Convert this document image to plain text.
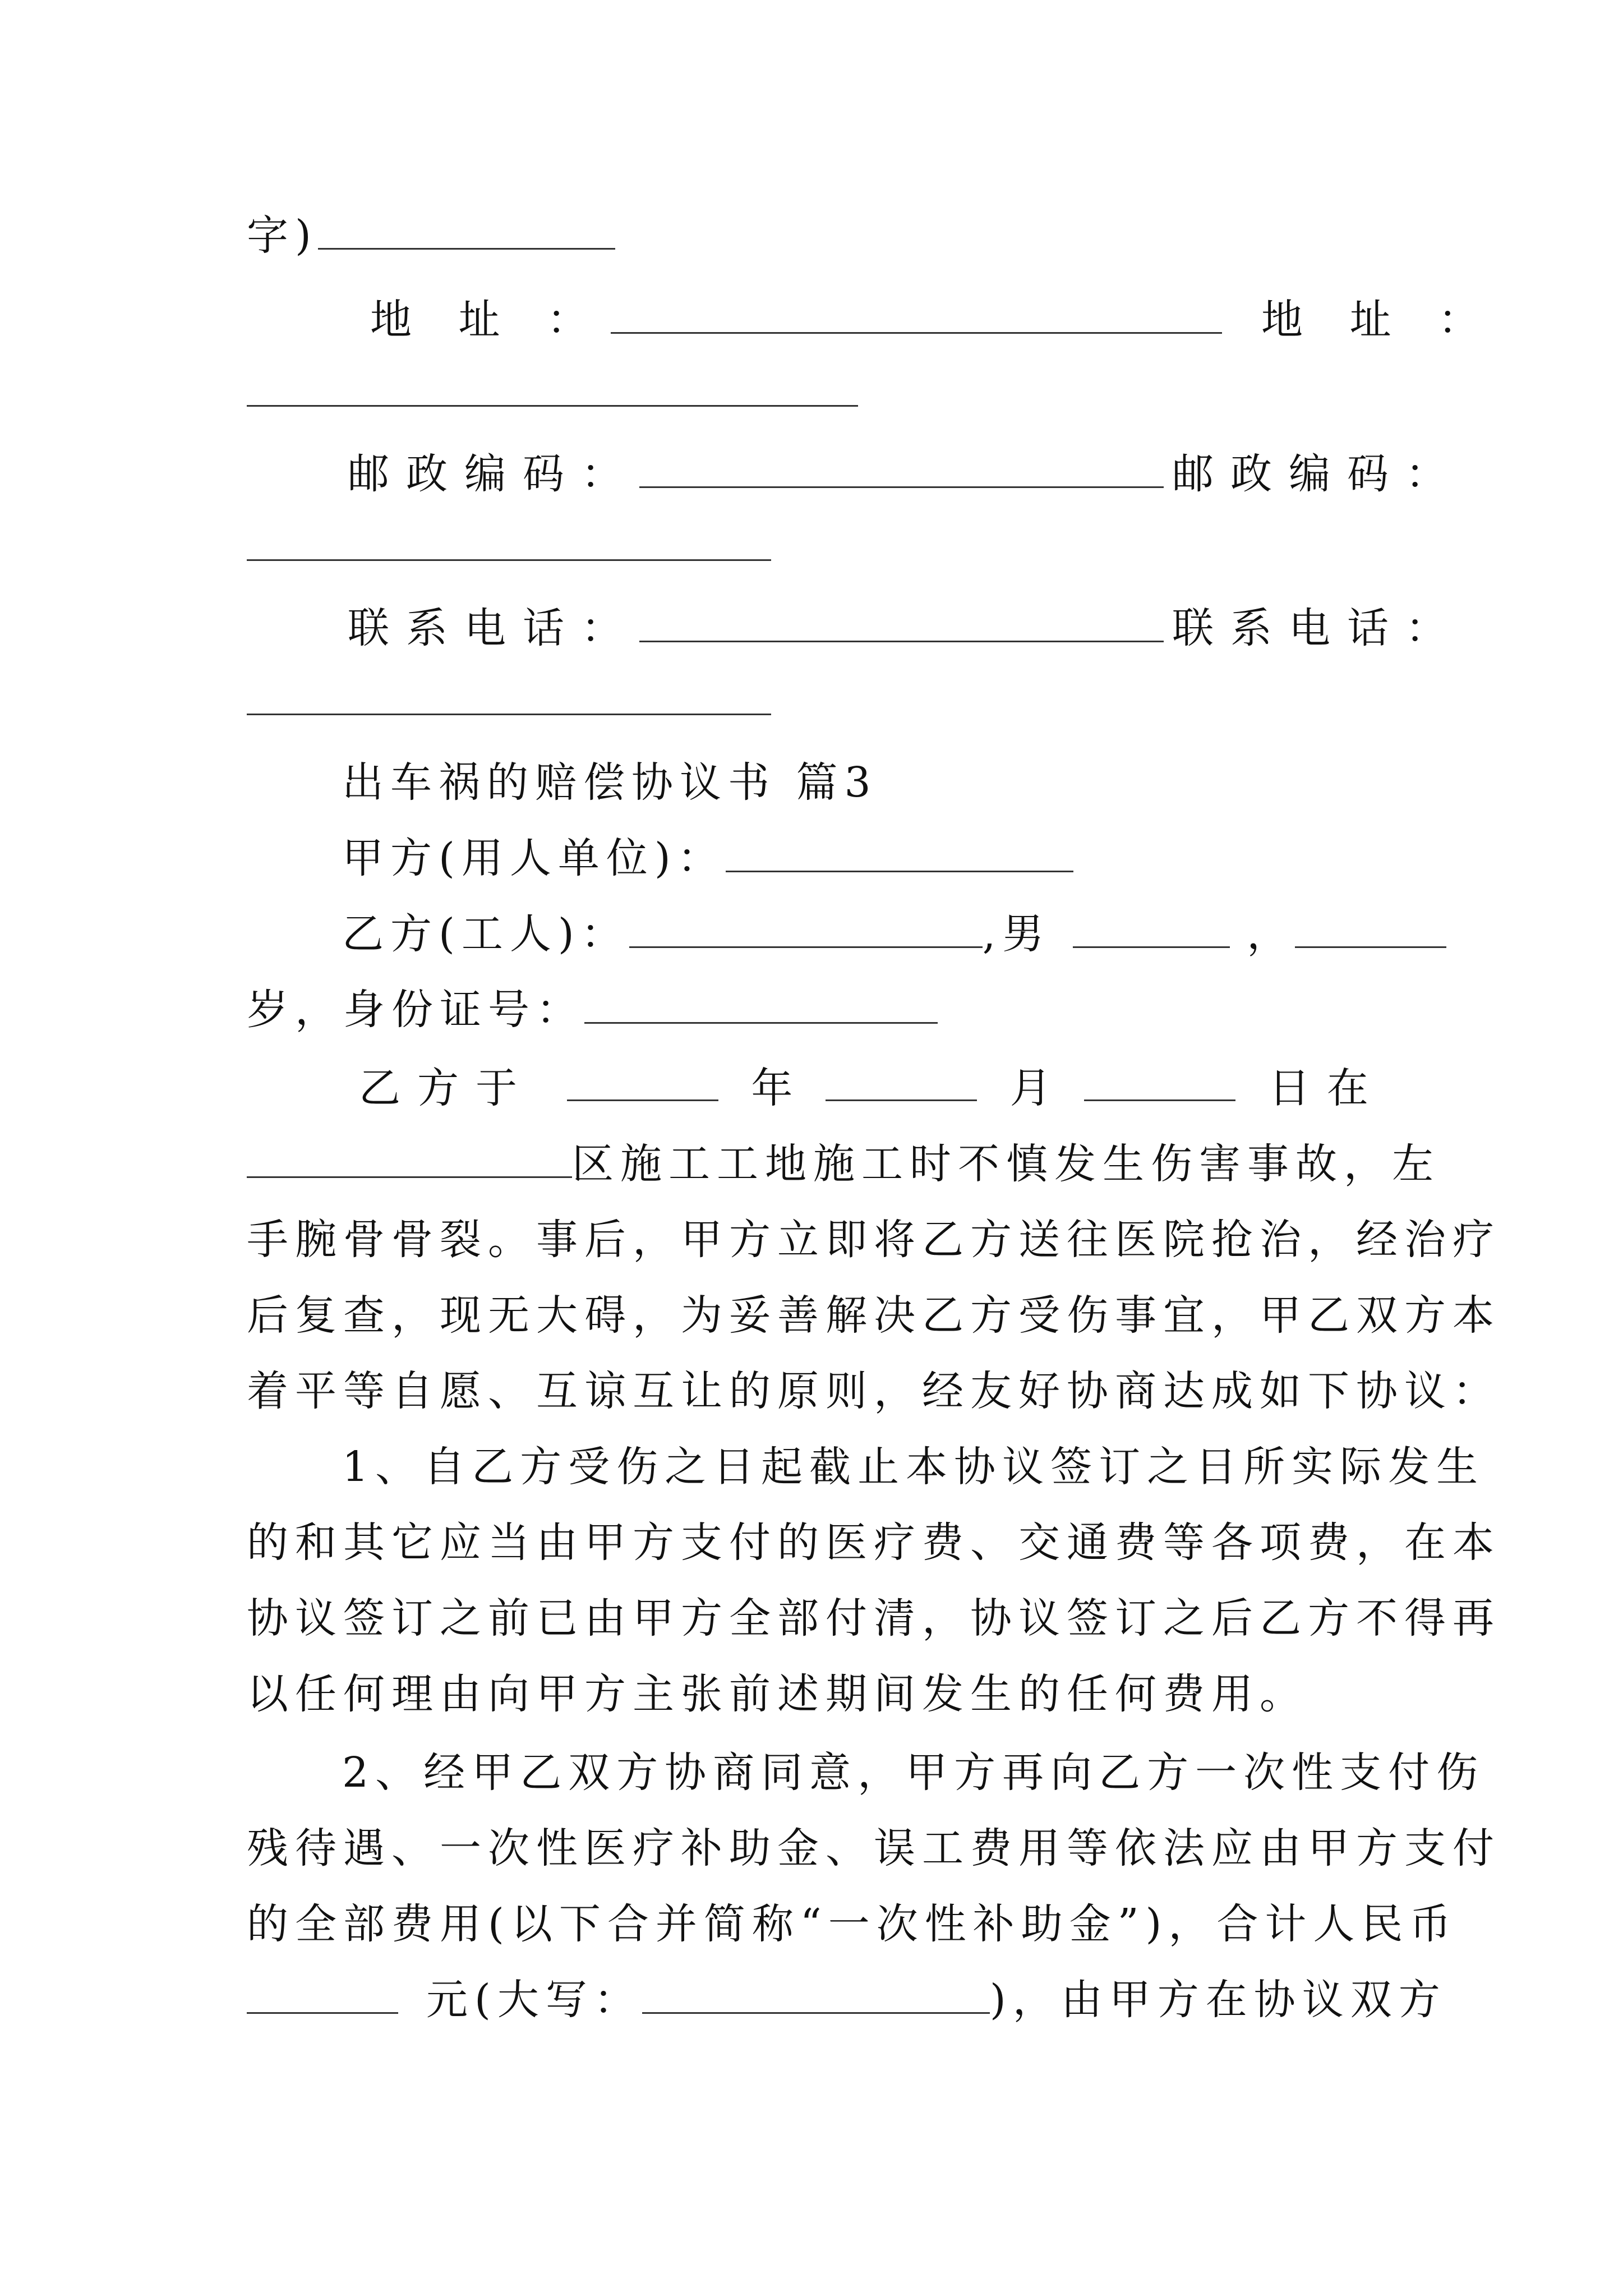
字)
地 址 ：	地 址 ：
邮政编码：	邮政编码：
联系电话：	联系电话：
出车祸的赔偿协议书 篇3
甲方(用人单位)：
乙方(工人)：	,男	，
岁，身份证号：
乙方于	年	月	日在
区施工工地施工时不慎发生伤害事故，左
手腕骨骨裂。事后，甲方立即将乙方送往医院抢治，经治疗
后复查，现无大碍，为妥善解决乙方受伤事宜，甲乙双方本
着平等自愿、互谅互让的原则，经友好协商达成如下协议：
1、自乙方受伤之日起截止本协议签订之日所实际发生
的和其它应当由甲方支付的医疗费、交通费等各项费，在本
协议签订之前已由甲方全部付清，协议签订之后乙方不得再
以任何理由向甲方主张前述期间发生的任何费用。
2、经甲乙双方协商同意，甲方再向乙方一次性支付伤
残待遇、一次性医疗补助金、误工费用等依法应由甲方支付
的全部费用(以下合并简称“一次性补助金”)，合计人民币
元(大写：	)，由甲方在协议双方
